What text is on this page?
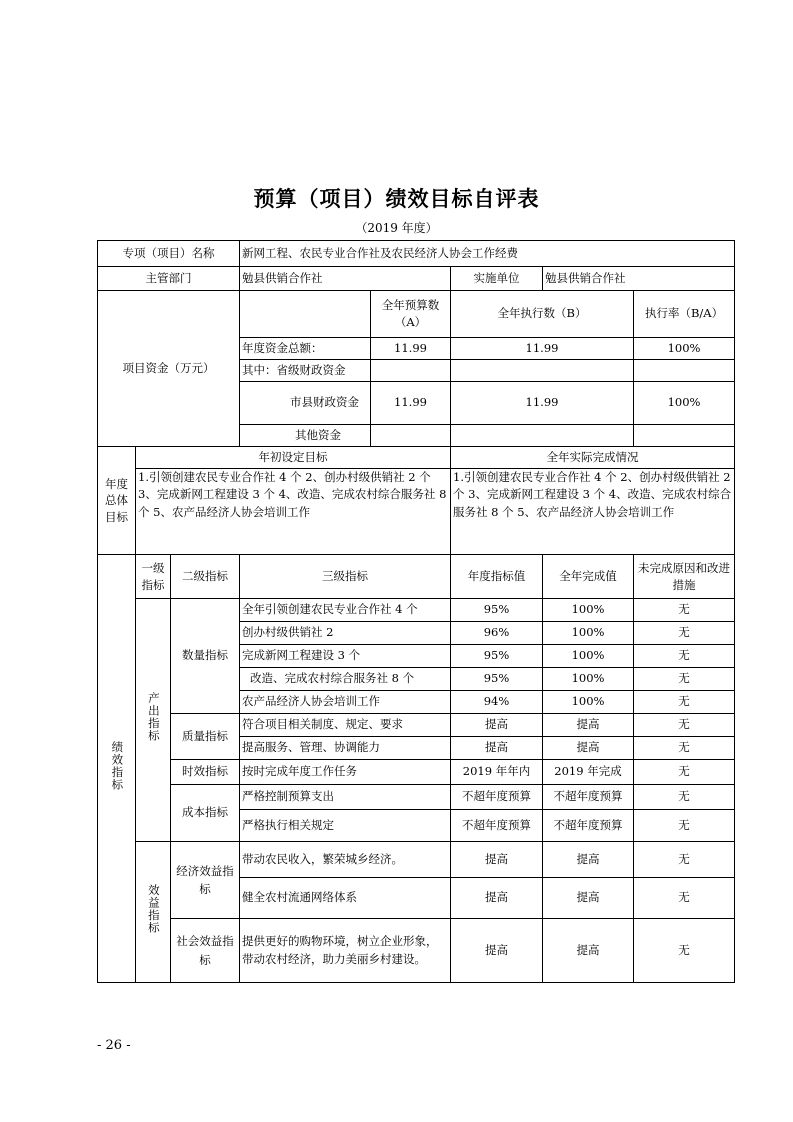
预算（项目）绩效目标自评表
（2019 年度）
专项（项目）名称			新网工程、农民专业合作社及农民经济人协会工作经费				
主管部门			勉县供销合作社		实施单位	勉县供销合作社	
项目资金（万元）				全年预算数（A）	全年执行数（B）		执行率（B/A）
			年度资金总额：	11.99	11.99		100%
			其中：省级财政资金				
			市县财政资金	11.99	11.99		100%
			其他资金				
年度总体目标	年初设定目标				全年实际完成情况		
	1.引领创建农民专业合作社 4 个 2、创办村级供销社 2 个 3、完成新网工程建设 3 个 4、改造、完成农村综合服务社 8 个 5、农产品经济人协会培训工作				1.引领创建农民专业合作社 4 个 2、创办村级供销社 2 个 3、完成新网工程建设 3 个 4、改造、完成农村综合服务社 8 个 5、农产品经济人协会培训工作		
绩效指标	一级指标	二级指标	三级指标		年度指标值	全年完成值	未完成原因和改进措施
	产出指标	数量指标	全年引领创建农民专业合作社 4 个		95%	100%	无
			创办村级供销社 2		96%	100%	无
			完成新网工程建设 3 个		95%	100%	无
			改造、完成农村综合服务社 8 个		95%	100%	无
			农产品经济人协会培训工作		94%	100%	无
		质量指标	符合项目相关制度、规定、要求		提高	提高	无
			提高服务、管理、协调能力		提高	提高	无
		时效指标	按时完成年度工作任务		2019 年年内	2019 年完成	无
		成本指标	严格控制预算支出		不超年度预算	不超年度预算	无
			严格执行相关规定		不超年度预算	不超年度预算	无
	效益指标	经济效益指标	带动农民收入，繁荣城乡经济。		提高	提高	无
			健全农村流通网络体系		提高	提高	无
		社会效益指标	提供更好的购物环境，树立企业形象，带动农村经济，助力美丽乡村建设。		提高	提高	无
- 26 -
